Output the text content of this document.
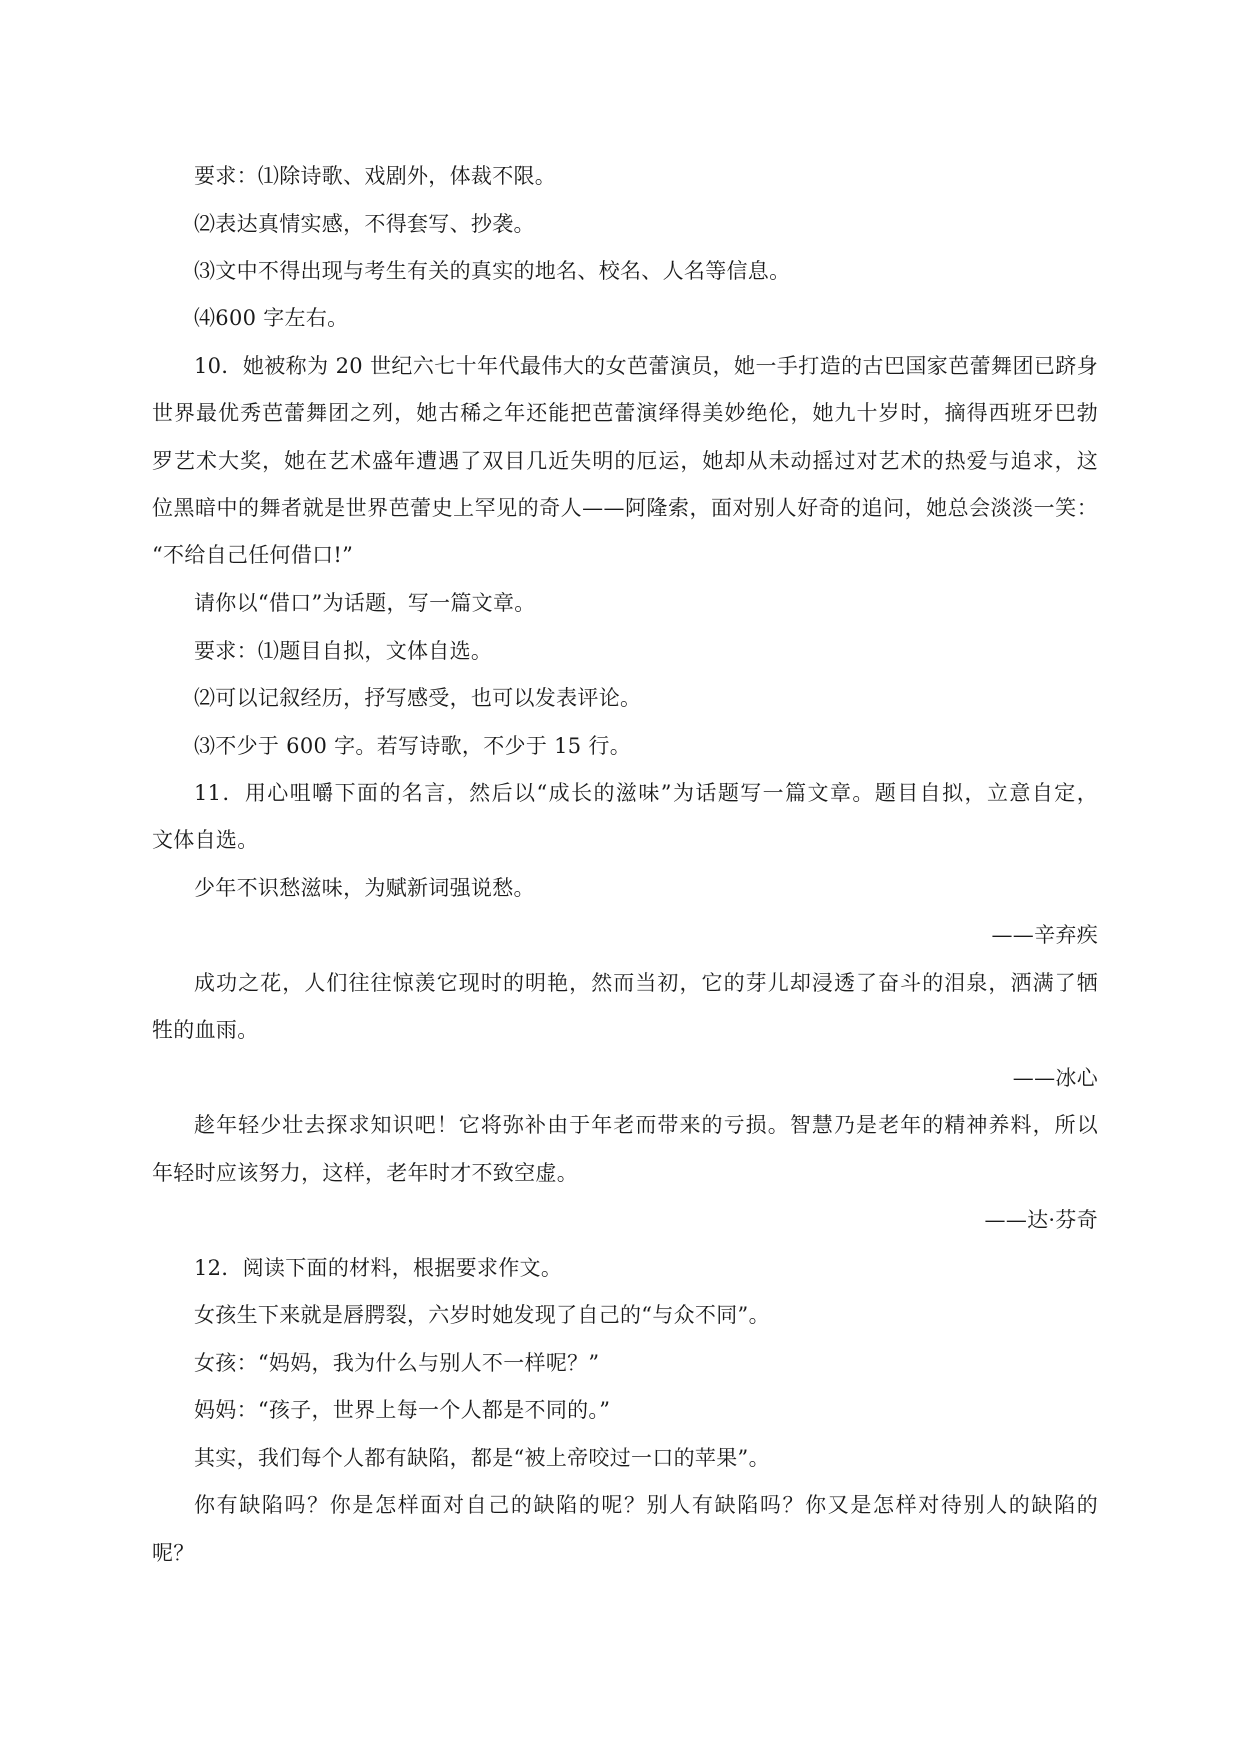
要求：⑴除诗歌、戏剧外，体裁不限。
⑵表达真情实感，不得套写、抄袭。
⑶文中不得出现与考生有关的真实的地名、校名、人名等信息。
⑷600 字左右。
10．她被称为 20 世纪六七十年代最伟大的女芭蕾演员，她一手打造的古巴国家芭蕾舞团已跻身
世界最优秀芭蕾舞团之列，她古稀之年还能把芭蕾演绎得美妙绝伦，她九十岁时，摘得西班牙巴勃
罗艺术大奖，她在艺术盛年遭遇了双目几近失明的厄运，她却从未动摇过对艺术的热爱与追求，这
位黑暗中的舞者就是世界芭蕾史上罕见的奇人——阿隆索，面对别人好奇的追问，她总会淡淡一笑：
“不给自己任何借口!”
请你以“借口”为话题，写一篇文章。
要求：⑴题目自拟，文体自选。
⑵可以记叙经历，抒写感受，也可以发表评论。
⑶不少于 600 字。若写诗歌，不少于 15 行。
11．用心咀嚼下面的名言，然后以“成长的滋味”为话题写一篇文章。题目自拟，立意自定，
文体自选。
少年不识愁滋味，为赋新词强说愁。
——辛弃疾
成功之花，人们往往惊羡它现时的明艳，然而当初，它的芽儿却浸透了奋斗的泪泉，洒满了牺
牲的血雨。
——冰心
趁年轻少壮去探求知识吧！它将弥补由于年老而带来的亏损。智慧乃是老年的精神养料，所以
年轻时应该努力，这样，老年时才不致空虚。
——达·芬奇
12．阅读下面的材料，根据要求作文。
女孩生下来就是唇腭裂，六岁时她发现了自己的“与众不同”。
女孩：“妈妈，我为什么与别人不一样呢？”
妈妈：“孩子，世界上每一个人都是不同的。”
其实，我们每个人都有缺陷，都是“被上帝咬过一口的苹果”。
你有缺陷吗？你是怎样面对自己的缺陷的呢？别人有缺陷吗？你又是怎样对待别人的缺陷的
呢？
